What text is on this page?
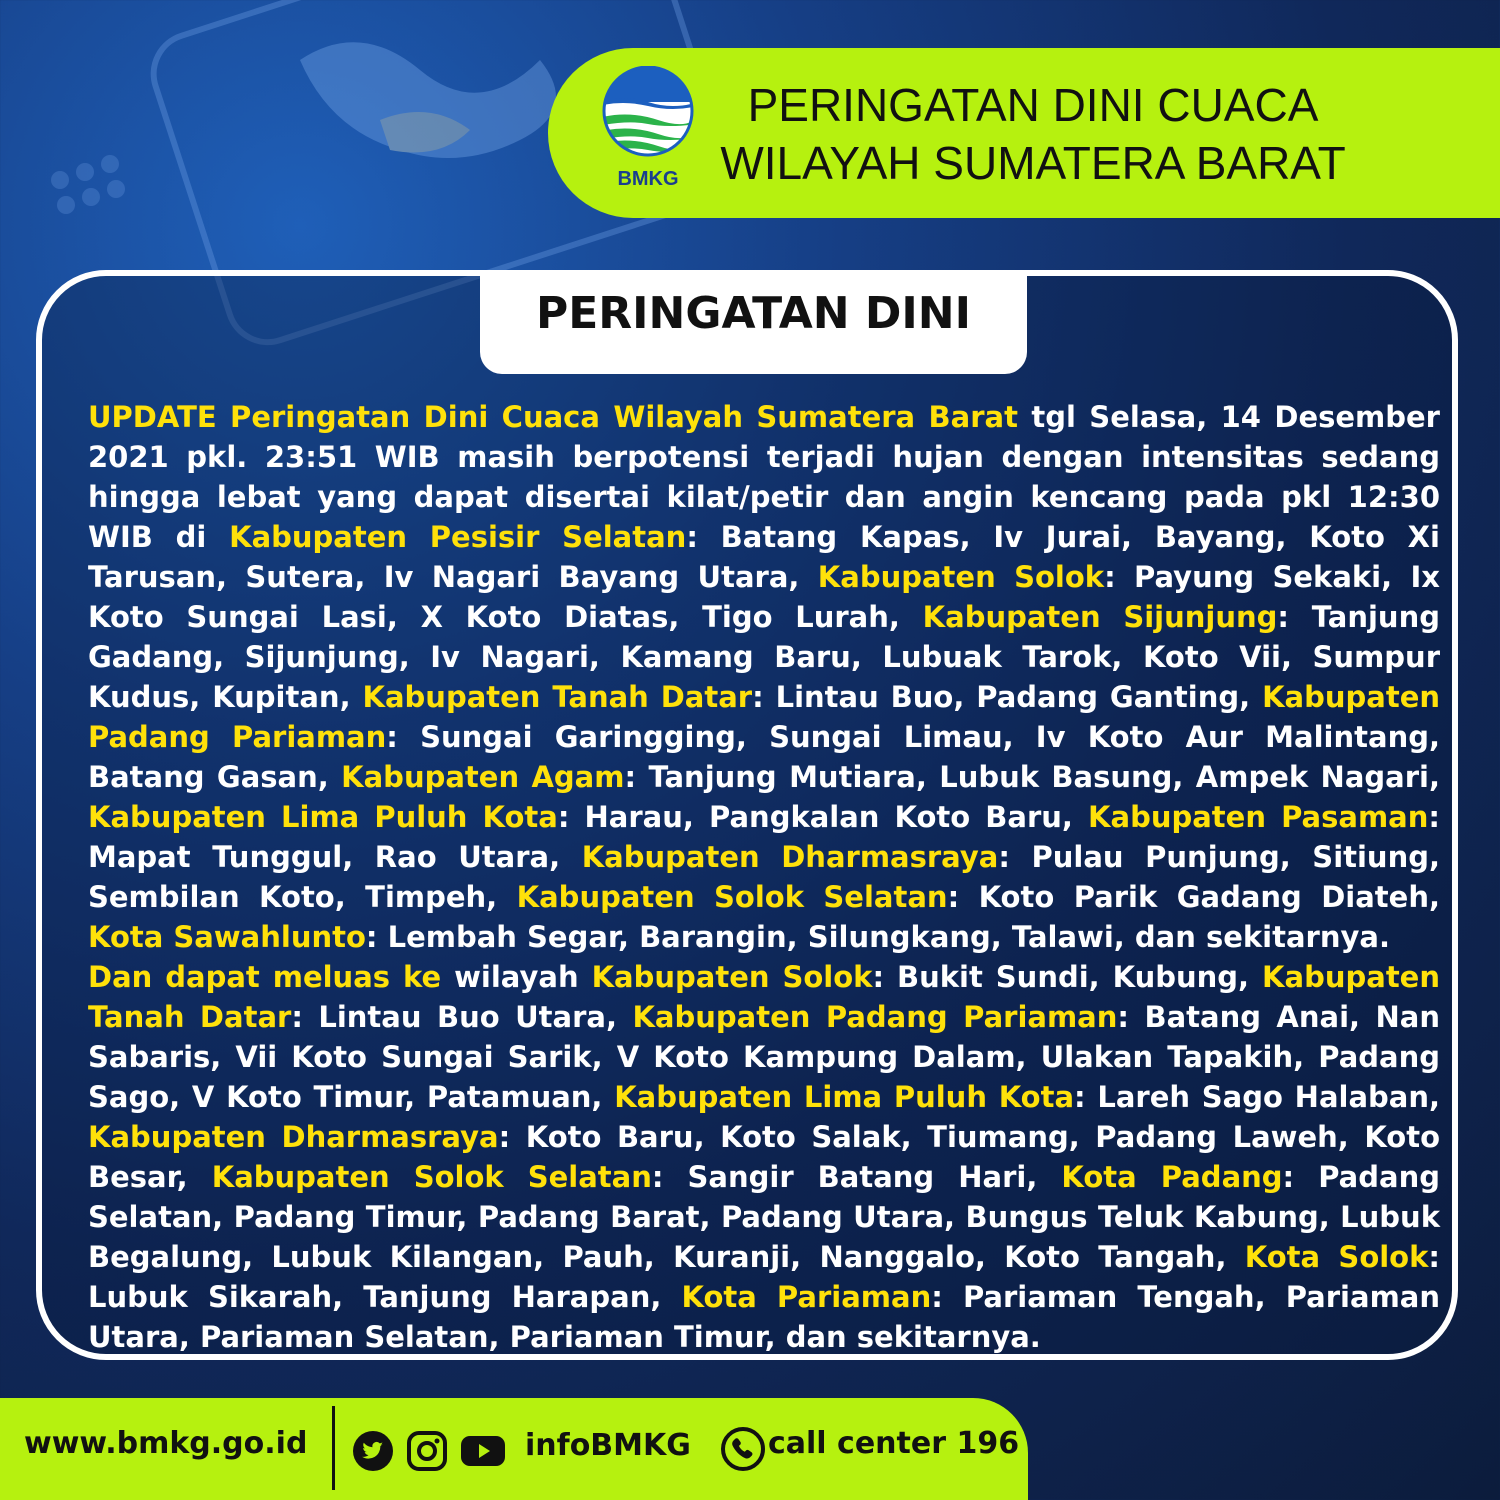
BMKG
PERINGATAN DINI CUACA
WILAYAH SUMATERA BARAT
PERINGATAN DINI

UPDATE Peringatan Dini Cuaca Wilayah Sumatera Barat tgl Selasa, 14 Desember 2021 pkl. 23:51 WIB masih berpotensi terjadi hujan dengan intensitas sedang hingga lebat yang dapat disertai kilat/petir dan angin kencang pada pkl 12:30 WIB di Kabupaten Pesisir Selatan: Batang Kapas, Iv Jurai, Bayang, Koto Xi Tarusan, Sutera, Iv Nagari Bayang Utara, Kabupaten Solok: Payung Sekaki, Ix Koto Sungai Lasi, X Koto Diatas, Tigo Lurah, Kabupaten Sijunjung: Tanjung Gadang, Sijunjung, Iv Nagari, Kamang Baru, Lubuak Tarok, Koto Vii, Sumpur Kudus, Kupitan, Kabupaten Tanah Datar: Lintau Buo, Padang Ganting, Kabupaten Padang Pariaman: Sungai Garingging, Sungai Limau, Iv Koto Aur Malintang, Batang Gasan, Kabupaten Agam: Tanjung Mutiara, Lubuk Basung, Ampek Nagari, Kabupaten Lima Puluh Kota: Harau, Pangkalan Koto Baru, Kabupaten Pasaman: Mapat Tunggul, Rao Utara, Kabupaten Dharmasraya: Pulau Punjung, Sitiung, Sembilan Koto, Timpeh, Kabupaten Solok Selatan: Koto Parik Gadang Diateh, Kota Sawahlunto: Lembah Segar, Barangin, Silungkang, Talawi, dan sekitarnya.

Dan dapat meluas ke wilayah Kabupaten Solok: Bukit Sundi, Kubung, Kabupaten Tanah Datar: Lintau Buo Utara, Kabupaten Padang Pariaman: Batang Anai, Nan Sabaris, Vii Koto Sungai Sarik, V Koto Kampung Dalam, Ulakan Tapakih, Padang Sago, V Koto Timur, Patamuan, Kabupaten Lima Puluh Kota: Lareh Sago Halaban, Kabupaten Dharmasraya: Koto Baru, Koto Salak, Tiumang, Padang Laweh, Koto Besar, Kabupaten Solok Selatan: Sangir Batang Hari, Kota Padang: Padang Selatan, Padang Timur, Padang Barat, Padang Utara, Bungus Teluk Kabung, Lubuk Begalung, Lubuk Kilangan, Pauh, Kuranji, Nanggalo, Koto Tangah, Kota Solok: Lubuk Sikarah, Tanjung Harapan, Kota Pariaman: Pariaman Tengah, Pariaman Utara, Pariaman Selatan, Pariaman Timur, dan sekitarnya.

www.bmkg.go.id	infoBMKG	call center 196
